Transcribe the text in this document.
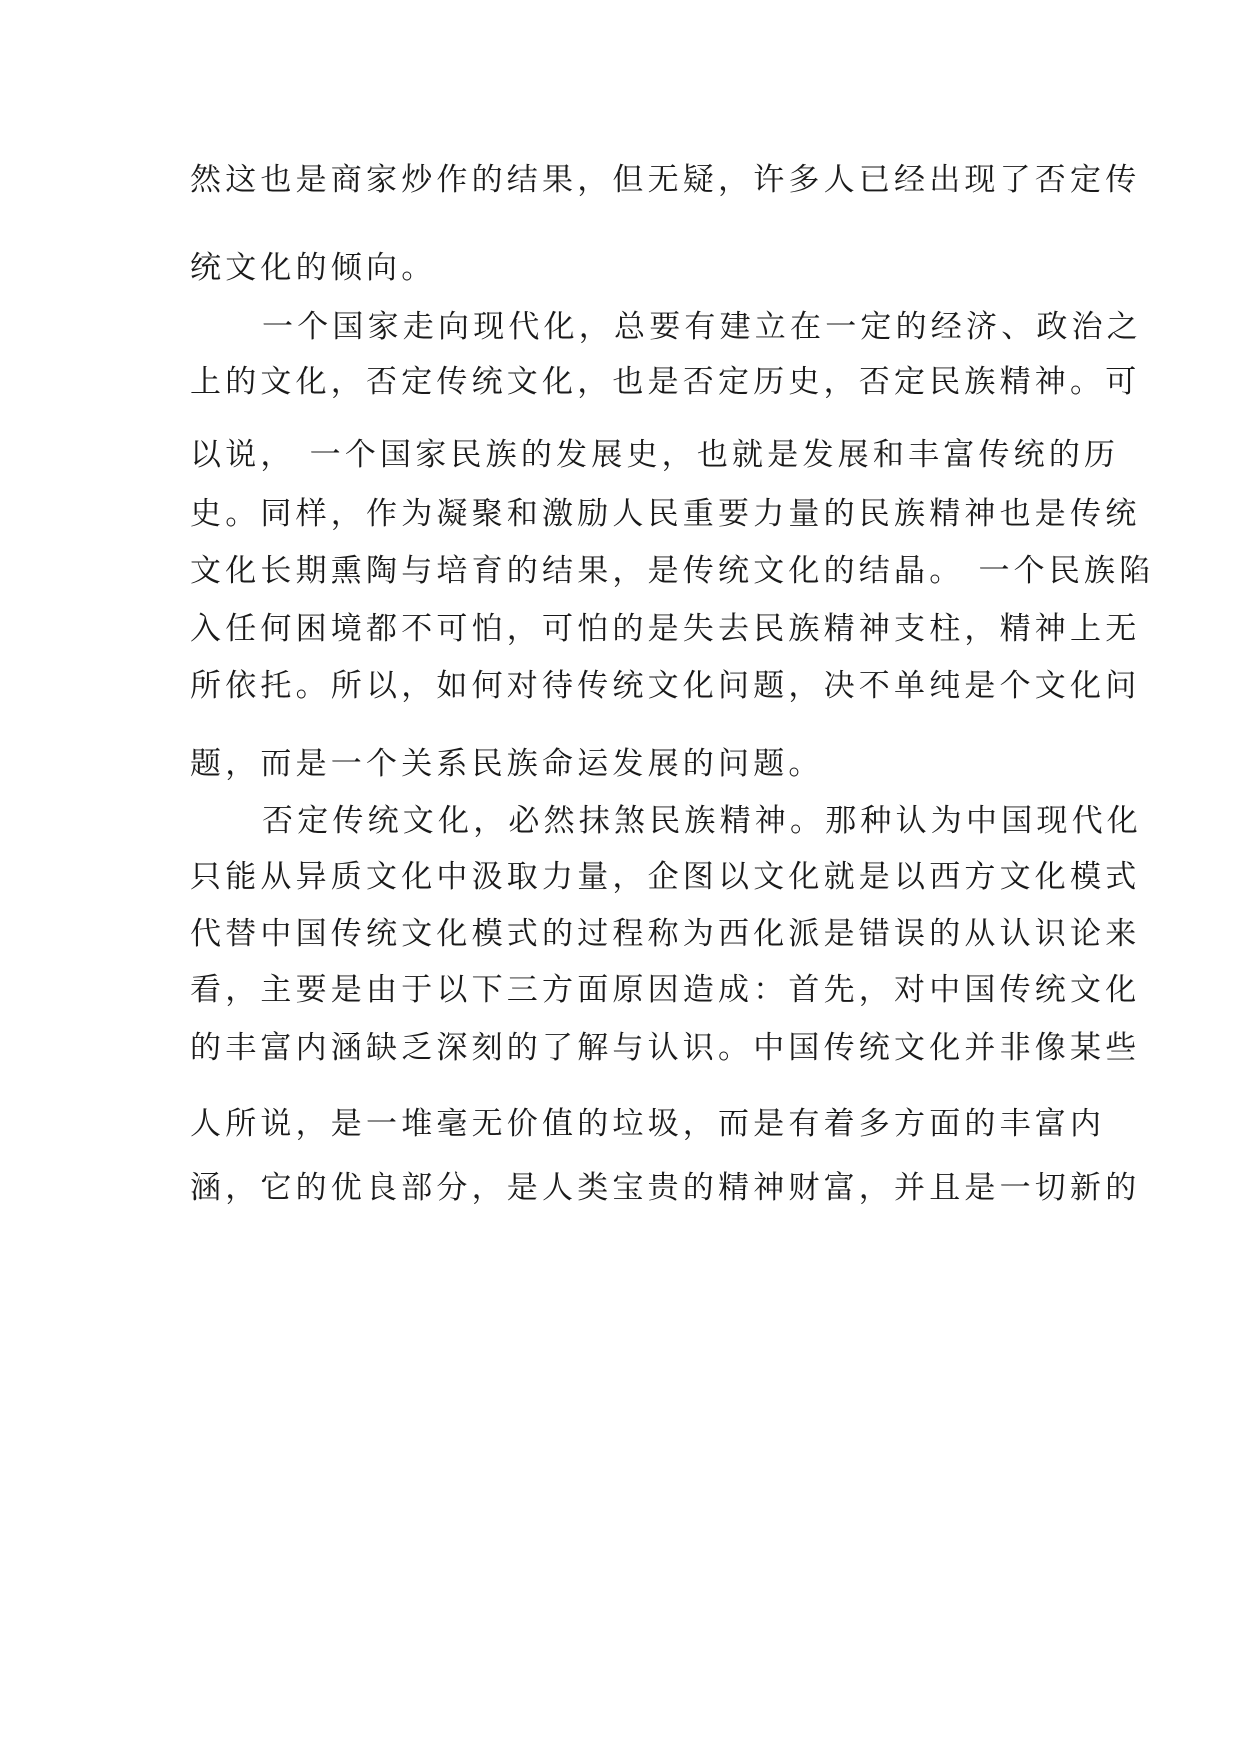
然这也是商家炒作的结果，但无疑，许多人已经出现了否定传
统文化的倾向。
一个国家走向现代化，总要有建立在一定的经济、政治之
上的文化，否定传统文化，也是否定历史，否定民族精神。可
以说， 一个国家民族的发展史，也就是发展和丰富传统的历
史。同样，作为凝聚和激励人民重要力量的民族精神也是传统
文化长期熏陶与培育的结果，是传统文化的结晶。 一个民族陷
入任何困境都不可怕，可怕的是失去民族精神支柱，精神上无
所依托。所以，如何对待传统文化问题，决不单纯是个文化问
题，而是一个关系民族命运发展的问题。
否定传统文化，必然抹煞民族精神。那种认为中国现代化
只能从异质文化中汲取力量，企图以文化就是以西方文化模式
代替中国传统文化模式的过程称为西化派是错误的从认识论来
看，主要是由于以下三方面原因造成：首先，对中国传统文化
的丰富内涵缺乏深刻的了解与认识。中国传统文化并非像某些
人所说，是一堆毫无价值的垃圾，而是有着多方面的丰富内
涵，它的优良部分，是人类宝贵的精神财富，并且是一切新的
